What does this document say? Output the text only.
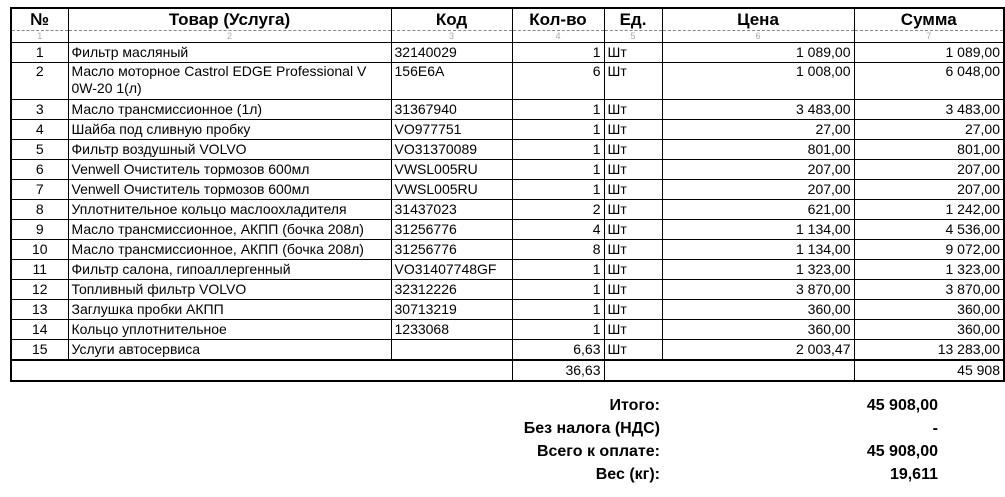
№	Товар (Услуга)	Код	Кол-во	Ед.	Цена	Сумма
1	2	3	4	5	6	7
1	Фильтр масляный	32140029	1	Шт	1 089,00	1 089,00
2	Масло моторное Castrol EDGE Professional V 0W-20 1(л)	156E6A	6	Шт	1 008,00	6 048,00
3	Масло трансмиссионное (1л)	31367940	1	Шт	3 483,00	3 483,00
4	Шайба под сливную пробку	VO977751	1	Шт	27,00	27,00
5	Фильтр воздушный VOLVO	VO31370089	1	Шт	801,00	801,00
6	Venwell Очиститель тормозов 600мл	VWSL005RU	1	Шт	207,00	207,00
7	Venwell Очиститель тормозов 600мл	VWSL005RU	1	Шт	207,00	207,00
8	Уплотнительное кольцо маслоохладителя	31437023	2	Шт	621,00	1 242,00
9	Масло трансмиссионное, АКПП (бочка 208л)	31256776	4	Шт	1 134,00	4 536,00
10	Масло трансмиссионное, АКПП (бочка 208л)	31256776	8	Шт	1 134,00	9 072,00
11	Фильтр салона, гипоаллергенный	VO31407748GF	1	Шт	1 323,00	1 323,00
12	Топливный фильтр VOLVO	32312226	1	Шт	3 870,00	3 870,00
13	Заглушка пробки АКПП	30713219	1	Шт	360,00	360,00
14	Кольцо уплотнительное	1233068	1	Шт	360,00	360,00
15	Услуги автосервиса		6,63	Шт	2 003,47	13 283,00
			36,63			45 908
Итого:	45 908,00
Без налога (НДС)	-
Всего к оплате:	45 908,00
Вес (кг):	19,611
